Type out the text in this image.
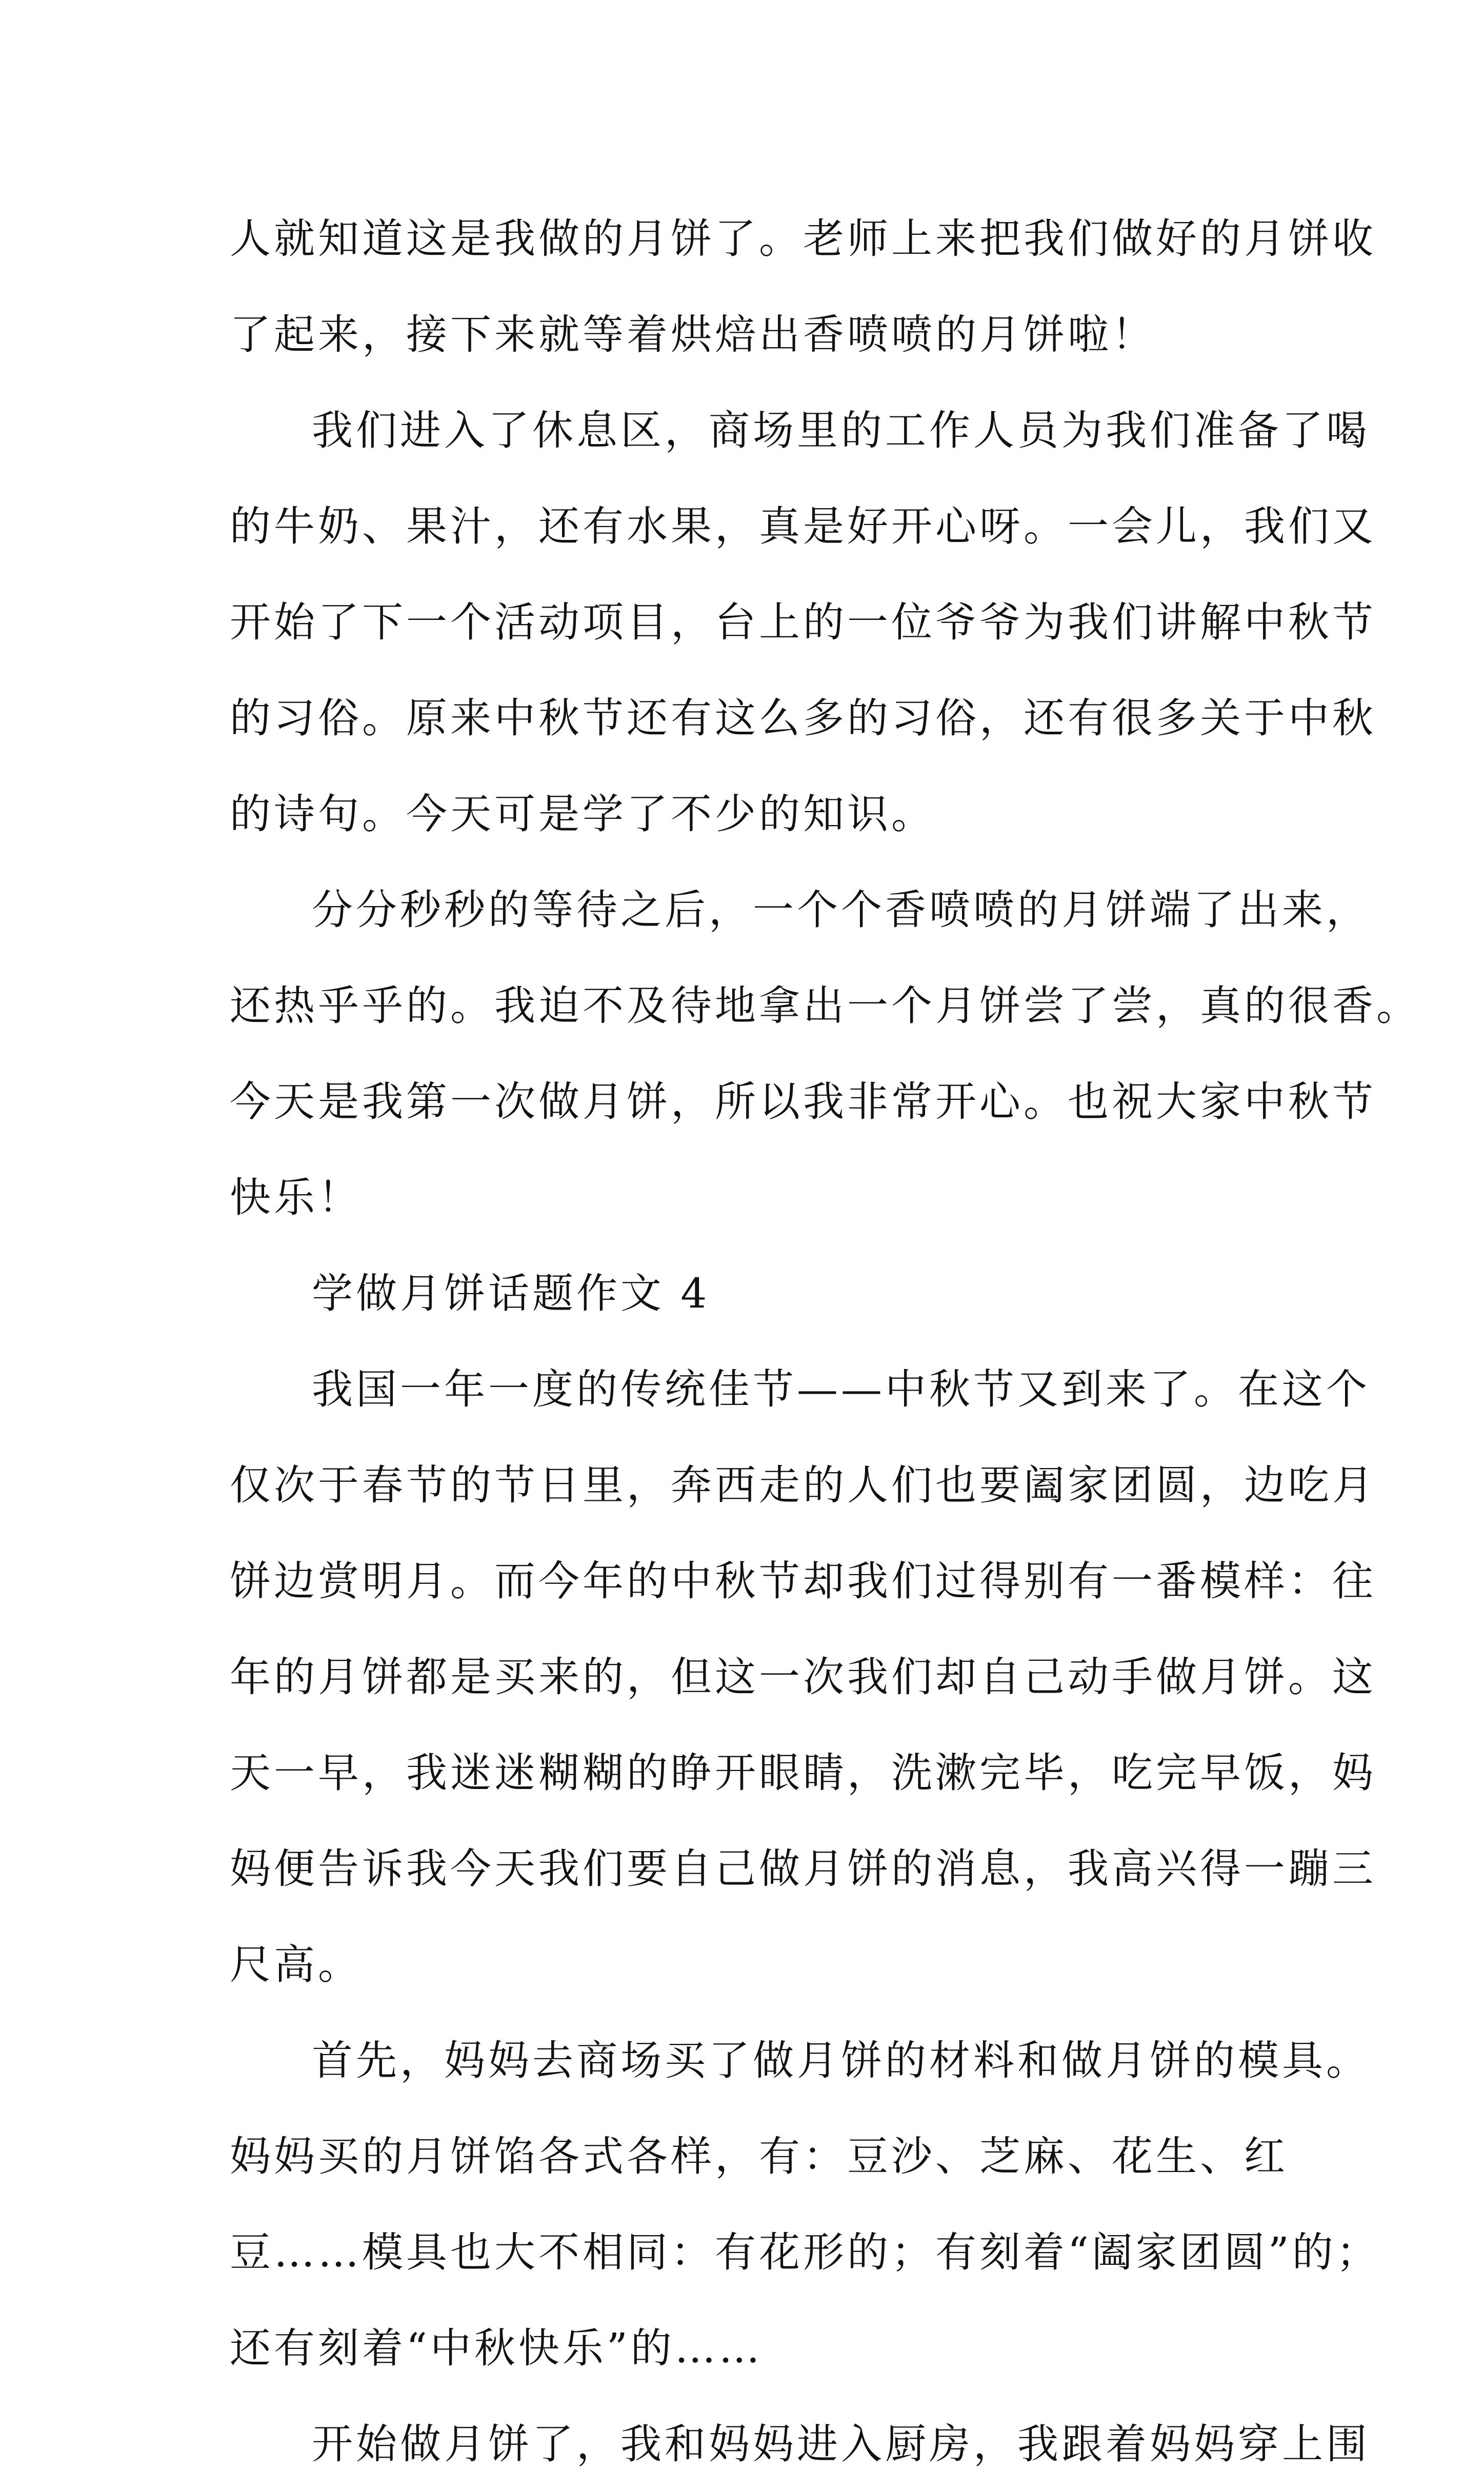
人就知道这是我做的月饼了。老师上来把我们做好的月饼收
了起来，接下来就等着烘焙出香喷喷的月饼啦！
我们进入了休息区，商场里的工作人员为我们准备了喝
的牛奶、果汁，还有水果，真是好开心呀。一会儿，我们又
开始了下一个活动项目，台上的一位爷爷为我们讲解中秋节
的习俗。原来中秋节还有这么多的习俗，还有很多关于中秋
的诗句。今天可是学了不少的知识。
分分秒秒的等待之后，一个个香喷喷的月饼端了出来，
还热乎乎的。我迫不及待地拿出一个月饼尝了尝，真的很香。
今天是我第一次做月饼，所以我非常开心。也祝大家中秋节
快乐！
学做月饼话题作文 4
我国一年一度的传统佳节——中秋节又到来了。在这个
仅次于春节的节日里，奔西走的人们也要阖家团圆，边吃月
饼边赏明月。而今年的中秋节却我们过得别有一番模样：往
年的月饼都是买来的，但这一次我们却自己动手做月饼。这
天一早，我迷迷糊糊的睁开眼睛，洗漱完毕，吃完早饭，妈
妈便告诉我今天我们要自己做月饼的消息，我高兴得一蹦三
尺高。
首先，妈妈去商场买了做月饼的材料和做月饼的模具。
妈妈买的月饼馅各式各样，有：豆沙、芝麻、花生、红
豆……模具也大不相同：有花形的；有刻着“阖家团圆”的；
还有刻着“中秋快乐”的……
开始做月饼了，我和妈妈进入厨房，我跟着妈妈穿上围
